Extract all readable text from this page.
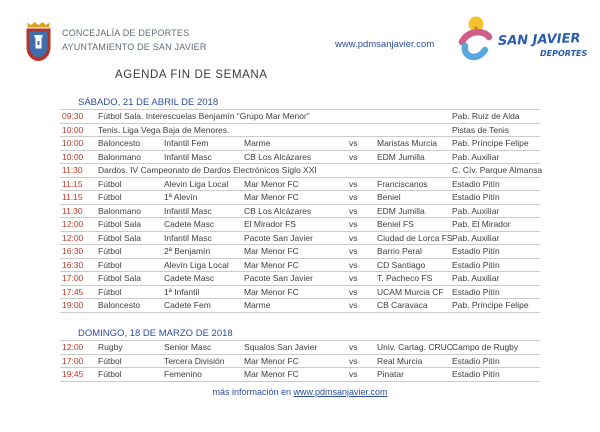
CONCEJALÍA DE DEPORTES
AYUNTAMIENTO DE SAN JAVIER	www.pdmsanjavier.com	SAN JAVIER
DEPORTES
AGENDA FIN DE SEMANA
SÁBADO, 21 DE ABRIL DE 2018
09:30	Fútbol Sala. Interescuelas Benjamín “Grupo Mar Menor”	Pab. Ruiz de Alda
10:00	Tenis. Liga Vega Baja de Menores.	Pistas de Tenis
10:00	Baloncesto	Infantil Fem	Marme	vs	Maristas Murcia	Pab. Príncipe Felipe
10:00	Balonmano	Infantil Masc	CB Los Alcázares	vs	EDM Jumilla	Pab. Auxiliar
11:30	Dardos. IV Campeonato de Dardos Electrónicos Siglo XXI	C. Cív. Parque Almansa
11:15	Fútbol	Alevin Liga Local	Mar Menor FC	vs	Franciscanos	Estadio Pitín
11:15	Fútbol	1ª Alevín	Mar Menor FC	vs	Beniel	Estadio Pitín
11:30	Balonmano	Infantil Masc	CB Los Alcázares	vs	EDM Jumilla	Pab. Auxiliar
12:00	Fútbol Sala	Cadete Masc	El Mirador FS	vs	Beniel FS	Pab. El Mirador
12:00	Fútbol Sala	Infantil Masc	Pacote San Javier	vs	Ciudad de Lorca FS Pab. Auxiliar
16:30	Fútbol	2ª Benjamín	Mar Menor FC	vs	Barrio Peral	Estadio Pitín
16:30	Fútbol	Alevín Liga Local	Mar Menor FC	vs	CD Santiago	Estadio Pitín
17:00	Fútbol Sala	Cadete Masc	Pacote San Javier	vs	T. Pacheco FS	Pab. Auxiliar
17:45	Fútbol	1ª Infantil	Mar Menor FC	vs	UCAM Murcia CF Estadio Pitín
19:00	Baloncesto	Cadete Fem	Marme	vs	CB Caravaca	Pab. Príncipe Felipe
DOMINGO, 18 DE MARZO DE 2018
12:00	Rugby	Senior Masc	Squalos San Javier	vs	Univ. Cartag. CRUC Campo de Rugby
17:00	Fútbol	Tercera División	Mar Menor FC	vs	Real Murcia	Estadio Pitín
19:45	Fútbol	Femenino	Mar Menor FC	vs	Pinatar	Estadio Pitín
más información en www.pdmsanjavier.com
